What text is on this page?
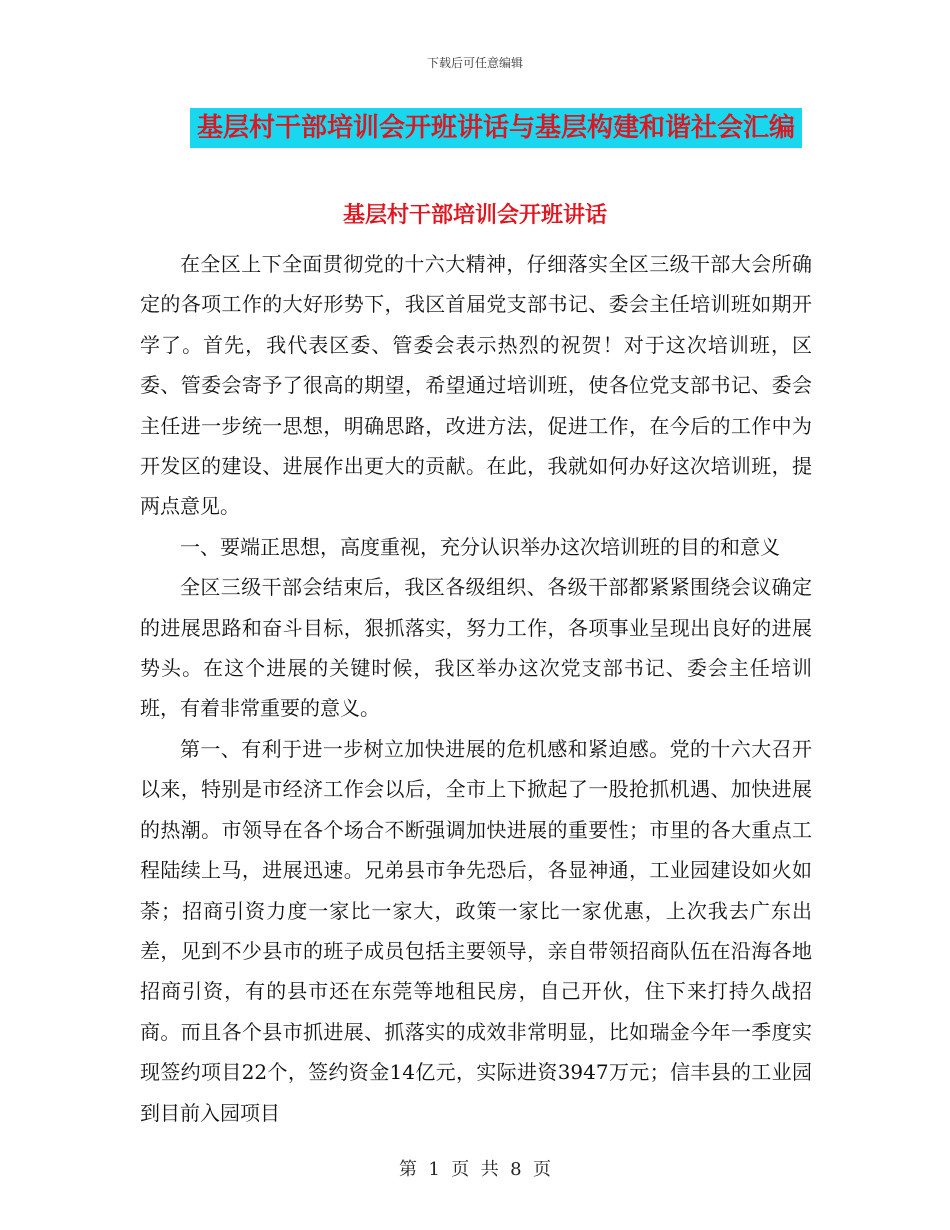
下载后可任意编辑
基层村干部培训会开班讲话与基层构建和谐社会汇编
基层村干部培训会开班讲话

在全区上下全面贯彻党的十六大精神，仔细落实全区三级干部大会所确定的各项工作的大好形势下，我区首届党支部书记、委会主任培训班如期开学了。首先，我代表区委、管委会表示热烈的祝贺！对于这次培训班，区委、管委会寄予了很高的期望，希望通过培训班，使各位党支部书记、委会主任进一步统一思想，明确思路，改进方法，促进工作，在今后的工作中为开发区的建设、进展作出更大的贡献。在此，我就如何办好这次培训班，提两点意见。

一、要端正思想，高度重视，充分认识举办这次培训班的目的和意义

全区三级干部会结束后，我区各级组织、各级干部都紧紧围绕会议确定的进展思路和奋斗目标，狠抓落实，努力工作，各项事业呈现出良好的进展势头。在这个进展的关键时候，我区举办这次党支部书记、委会主任培训班，有着非常重要的意义。

第一、有利于进一步树立加快进展的危机感和紧迫感。党的十六大召开以来，特别是市经济工作会以后，全市上下掀起了一股抢抓机遇、加快进展的热潮。市领导在各个场合不断强调加快进展的重要性；市里的各大重点工程陆续上马，进展迅速。兄弟县市争先恐后，各显神通，工业园建设如火如荼；招商引资力度一家比一家大，政策一家比一家优惠，上次我去广东出差，见到不少县市的班子成员包括主要领导，亲自带领招商队伍在沿海各地招商引资，有的县市还在东莞等地租民房，自己开伙，住下来打持久战招商。而且各个县市抓进展、抓落实的成效非常明显，比如瑞金今年一季度实现签约项目22个，签约资金14亿元，实际进资3947万元；信丰县的工业园到目前入园项目

第  1  页  共  8  页
